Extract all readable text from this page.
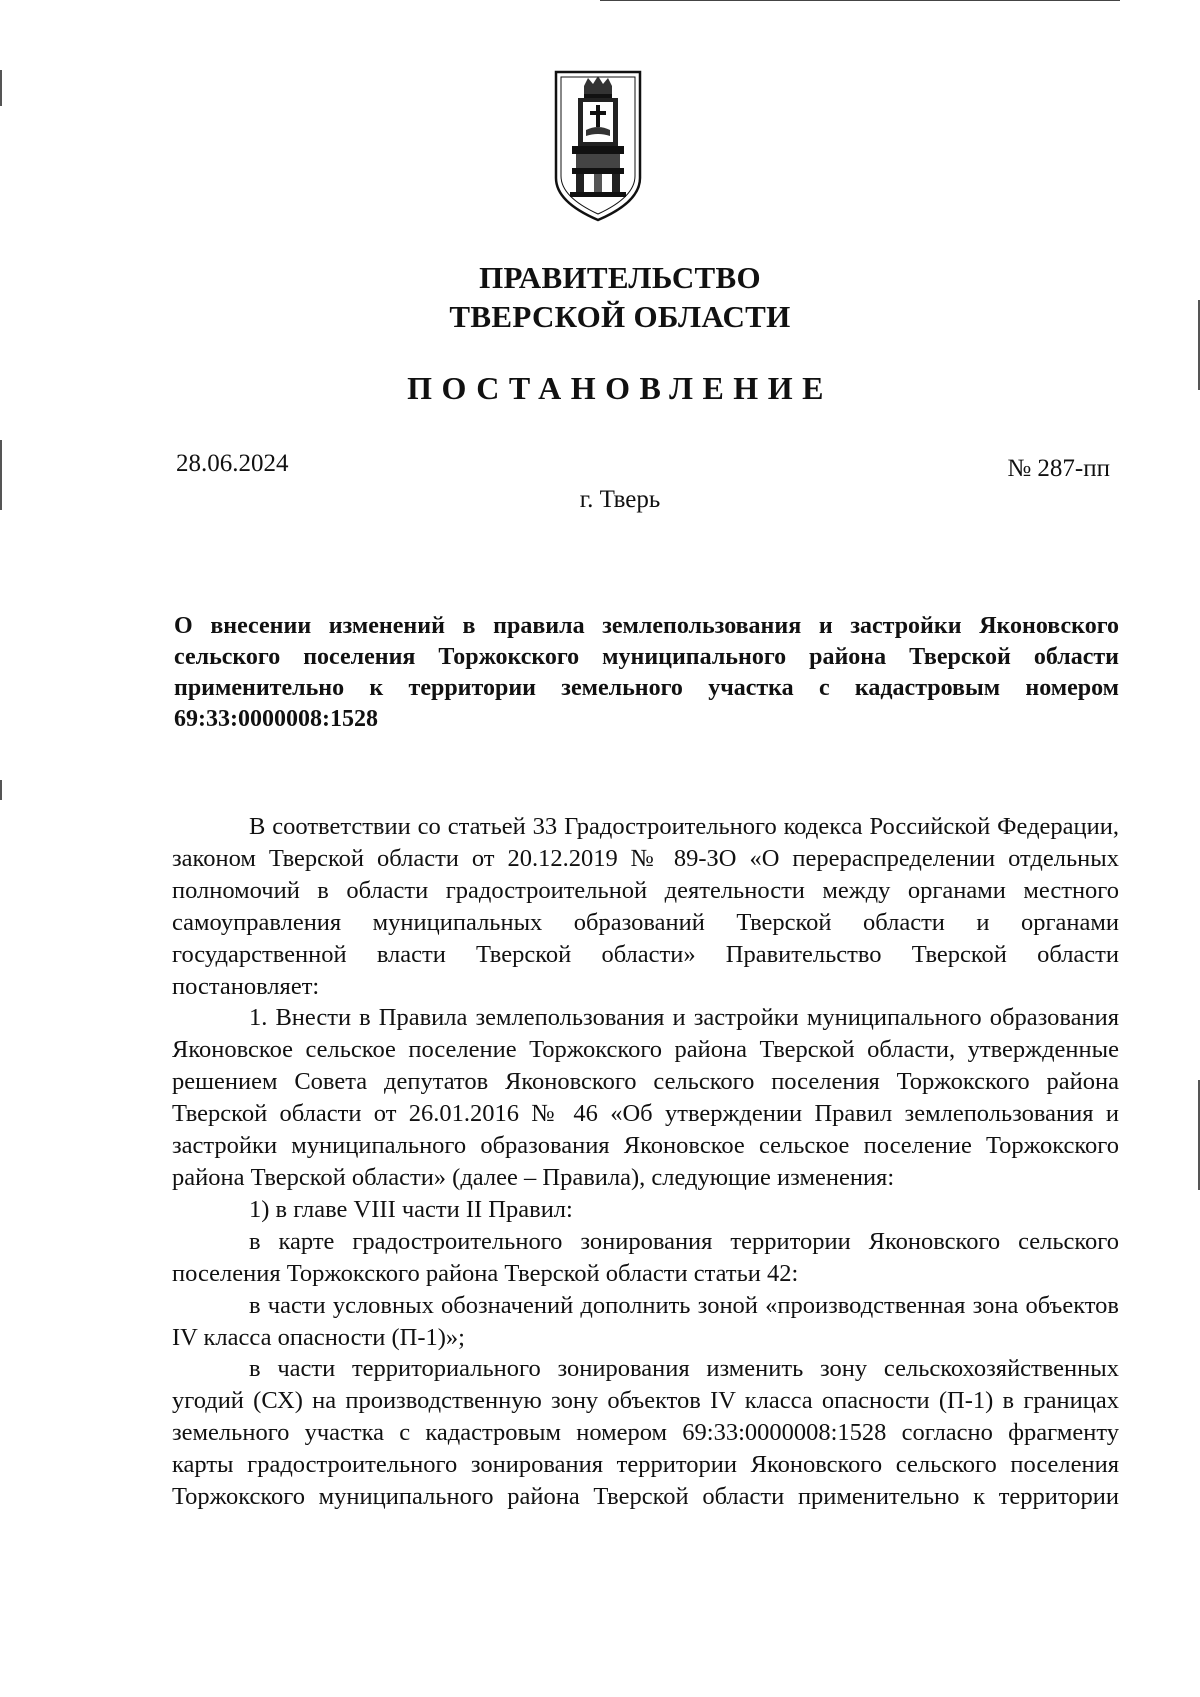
ПРАВИТЕЛЬСТВО
ТВЕРСКОЙ ОБЛАСТИ
ПОСТАНОВЛЕНИЕ
28.06.2024	№ 287-пп
г. Тверь
О внесении изменений в правила землепользования и застройки Яконовского сельского поселения Торжокского муниципального района Тверской области применительно к территории земельного участка с кадастровым номером 69:33:0000008:1528

В соответствии со статьей 33 Градостроительного кодекса Российской Федерации, законом Тверской области от 20.12.2019 № 89-ЗО «О перераспределении отдельных полномочий в области градостроительной деятельности между органами местного самоуправления муниципальных образований Тверской области и органами государственной власти Тверской области» Правительство Тверской области постановляет:

1. Внести в Правила землепользования и застройки муниципального образования Яконовское сельское поселение Торжокского района Тверской области, утвержденные решением Совета депутатов Яконовского сельского поселения Торжокского района Тверской области от 26.01.2016 № 46 «Об утверждении Правил землепользования и застройки муниципального образования Яконовское сельское поселение Торжокского района Тверской области» (далее – Правила), следующие изменения:

1) в главе VIII части II Правил:

в карте градостроительного зонирования территории Яконовского сельского поселения Торжокского района Тверской области статьи 42:

в части условных обозначений дополнить зоной «производственная зона объектов IV класса опасности (П-1)»;

в части территориального зонирования изменить зону сельскохозяйственных угодий (СХ) на производственную зону объектов IV класса опасности (П-1) в границах земельного участка с кадастровым номером 69:33:0000008:1528 согласно фрагменту карты градостроительного зонирования территории Яконовского сельского поселения Торжокского муниципального района Тверской области применительно к территории
